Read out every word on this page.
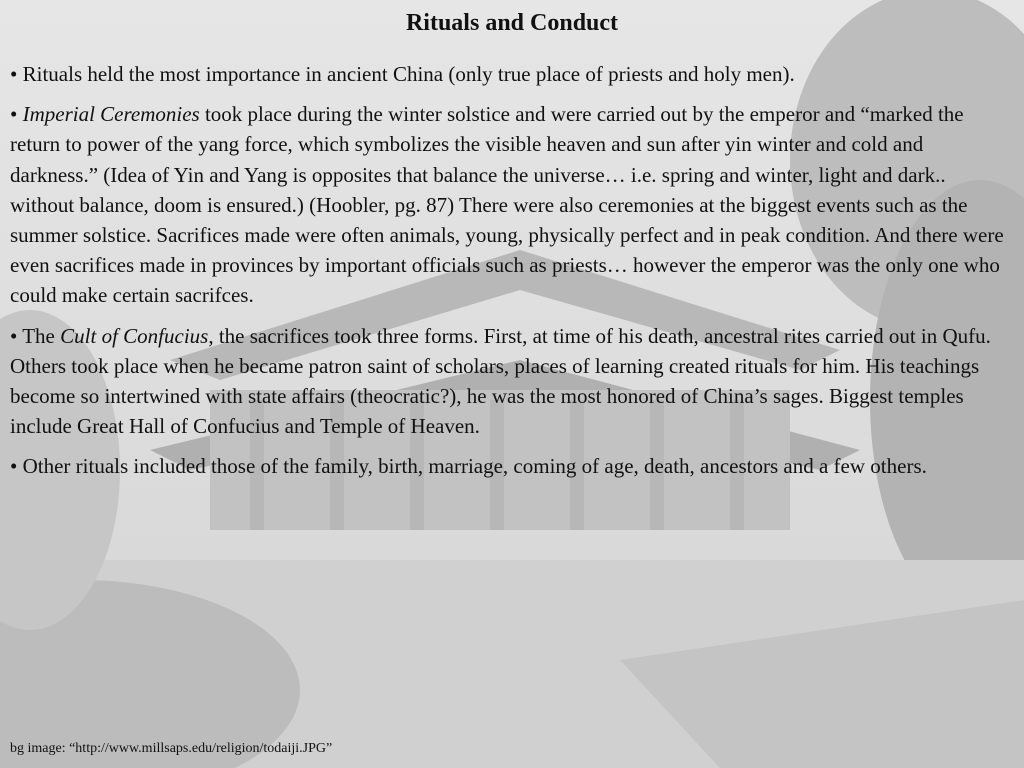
Rituals and Conduct

• Rituals held the most importance in ancient China (only true place of priests and holy men).

• Imperial Ceremonies took place during the winter solstice and were carried out by the emperor and “marked the return to power of the yang force, which symbolizes the visible heaven and sun after yin winter and cold and darkness.” (Idea of Yin and Yang is opposites that balance the universe… i.e. spring and winter, light and dark.. without balance, doom is ensured.) (Hoobler, pg. 87) There were also ceremonies at the biggest events such as the summer solstice. Sacrifices made were often animals, young, physically perfect and in peak condition. And there were even sacrifices made in provinces by important officials such as priests… however the emperor was the only one who could make certain sacrifces.

• The Cult of Confucius, the sacrifices took three forms. First, at time of his death, ancestral rites carried out in Qufu. Others took place when he became patron saint of scholars, places of learning created rituals for him. His teachings become so intertwined with state affairs (theocratic?), he was the most honored of China’s sages. Biggest temples include Great Hall of Confucius and Temple of Heaven.

• Other rituals included those of the family, birth, marriage, coming of age, death, ancestors and a few others.

bg image: “http://www.millsaps.edu/religion/todaiji.JPG”
